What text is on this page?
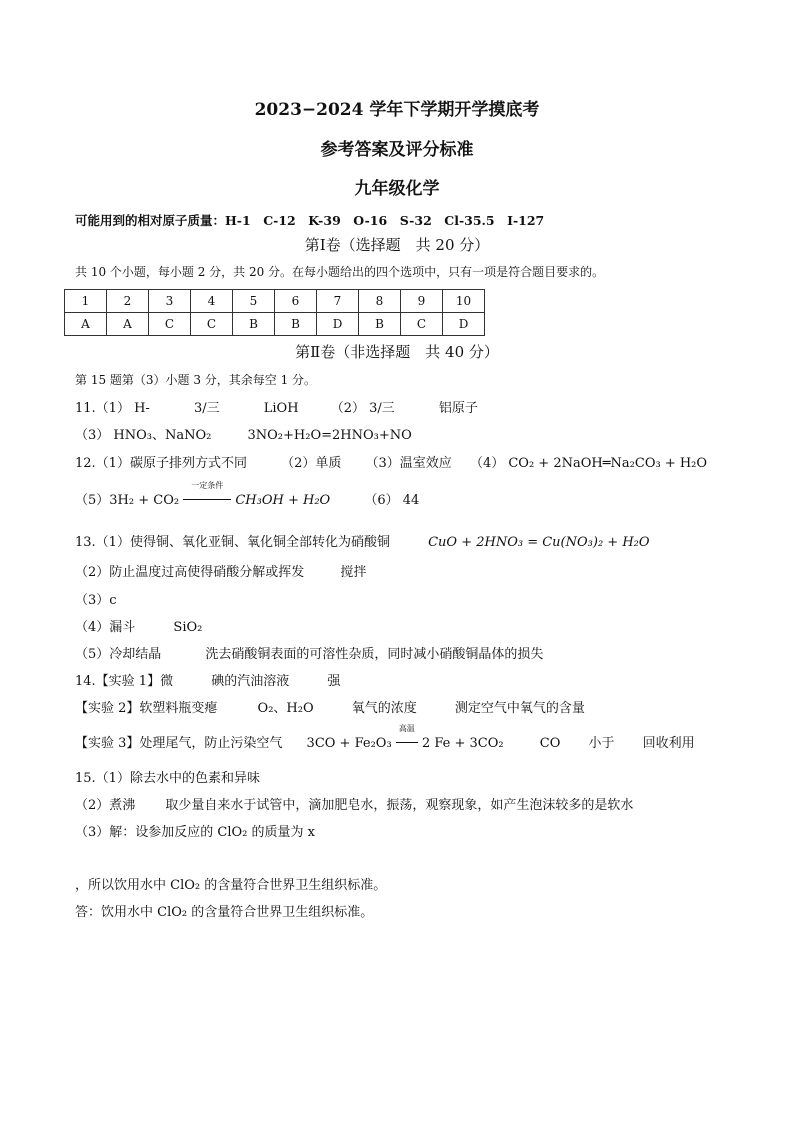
2023−2024 学年下学期开学摸底考
参考答案及评分标准
九年级化学
可能用到的相对原子质量：H-1　C-12　K-39　O-16　S-32　Cl-35.5　I-127
第Ⅰ卷（选择题　共 20 分）
共 10 个小题，每小题 2 分，共 20 分。在每小题给出的四个选项中，只有一项是符合题目要求的。
1	2	3	4	5	6	7	8	9	10
A	A	C	C	B	B	D	B	C	D
第Ⅱ卷（非选择题　共 40 分）
第 15 题第（3）小题 3 分，其余每空 1 分。
11.（1） H-	3/三	LiOH （2） 3/三	铝原子
（3） HNO₃、NaNO₂	3NO₂+H₂O=2HNO₃+NO
12.（1）碳原子排列方式不同	（2）单质 （3）温室效应 （4） CO₂ + 2NaOH═Na₂CO₃ + H₂O
（5）3H₂ + CO₂
一定条件
CH₃OH + H₂O	（6） 44
13.（1）使得铜、氧化亚铜、氧化铜全部转化为硝酸铜	CuO + 2HNO₃ = Cu(NO₃)₂ + H₂O
（2）防止温度过高使得硝酸分解或挥发	搅拌
（3）c
（4）漏斗	SiO₂
（5）冷却结晶	洗去硝酸铜表面的可溶性杂质，同时减小硝酸铜晶体的损失
14.【实验 1】微	碘的汽油溶液	强
【实验 2】软塑料瓶变瘪	O₂、H₂O	氧气的浓度	测定空气中氧气的含量
【实验 3】处理尾气，防止污染空气 3CO + Fe₂O₃
高温
2 Fe + 3CO₂	CO 小于 回收利用
15.（1）除去水中的色素和异味
（2）煮沸 取少量自来水于试管中，滴加肥皂水，振荡，观察现象，如产生泡沫较多的是软水
（3）解：设参加反应的 ClO₂ 的质量为 x
，所以饮用水中 ClO₂ 的含量符合世界卫生组织标准。
答：饮用水中 ClO₂ 的含量符合世界卫生组织标准。
